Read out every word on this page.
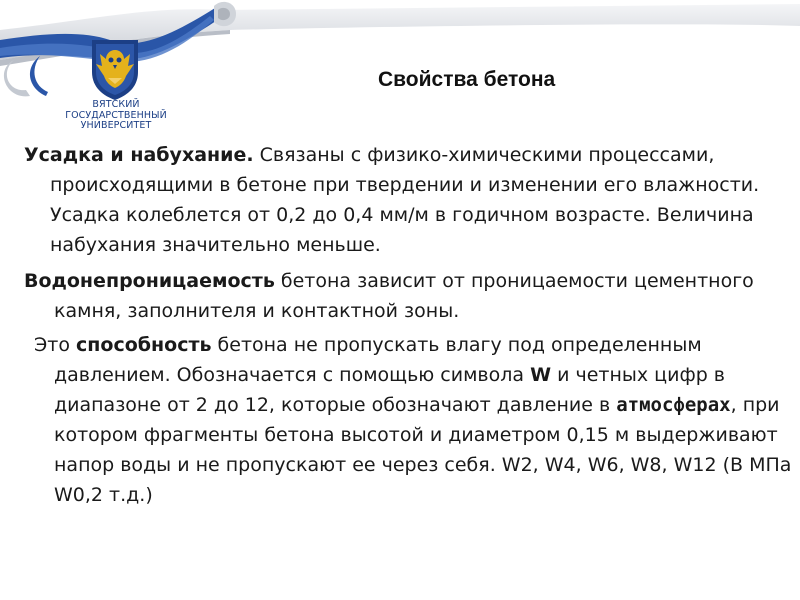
ВЯТСКИЙ
ГОСУДАРСТВЕННЫЙ
УНИВЕРСИТЕТ
Свойства бетона

Усадка и набухание. Связаны с физико-химическими процессами, происходящими в бетоне при твердении и изменении его влажности. Усадка колеблется от 0,2 до 0,4 мм/м в годичном возрасте. Величина набухания значительно меньше.

Водонепроницаемость бетона зависит от проницаемости цементного камня, заполнителя и контактной зоны.

Это способность бетона не пропускать влагу под определенным давлением. Обозначается с помощью символа W и четных цифр в диапазоне от 2 до 12, которые обозначают давление в атмосферах, при котором фрагменты бетона высотой и диаметром 0,15 м выдерживают напор воды и не пропускают ее через себя. W2, W4, W6, W8, W12 (В МПа W0,2 т.д.)
